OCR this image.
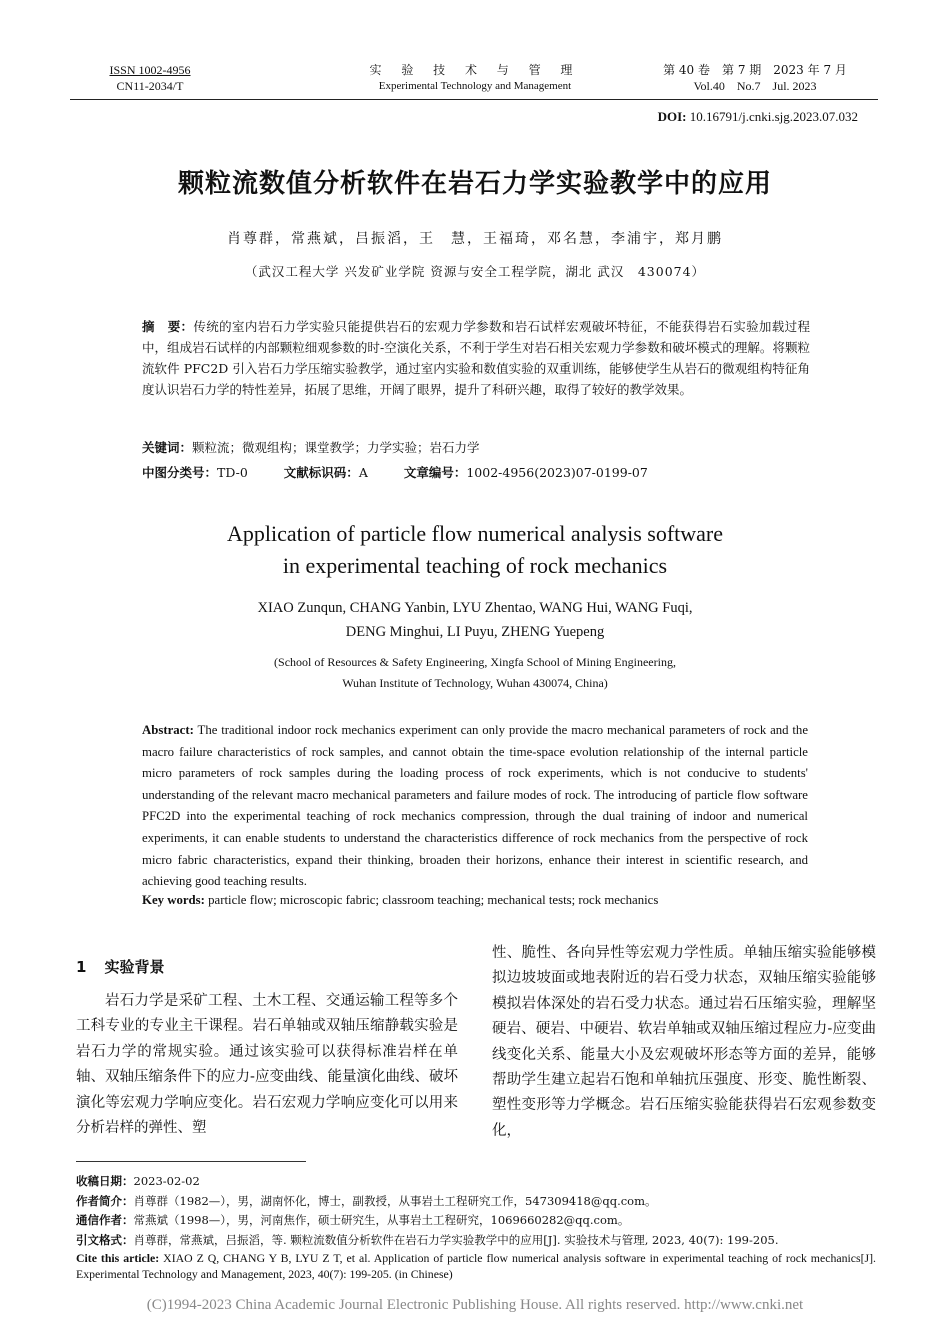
ISSN 1002-4956
CN11-2034/T
实 验 技 术 与 管 理
Experimental Technology and Management
第 40 卷　第 7 期　2023 年 7 月
Vol.40　No.7　Jul. 2023
DOI: 10.16791/j.cnki.sjg.2023.07.032
颗粒流数值分析软件在岩石力学实验教学中的应用
肖尊群，常燕斌，吕振滔，王　慧，王福琦，邓名慧，李浦宇，郑月鹏
（武汉工程大学 兴发矿业学院 资源与安全工程学院，湖北 武汉　430074）
摘　要：传统的室内岩石力学实验只能提供岩石的宏观力学参数和岩石试样宏观破坏特征，不能获得岩石实验加载过程中，组成岩石试样的内部颗粒细观参数的时-空演化关系，不利于学生对岩石相关宏观力学参数和破坏模式的理解。将颗粒流软件 PFC2D 引入岩石力学压缩实验教学，通过室内实验和数值实验的双重训练，能够使学生从岩石的微观组构特征角度认识岩石力学的特性差异，拓展了思维，开阔了眼界，提升了科研兴趣，取得了较好的教学效果。
关键词：颗粒流；微观组构；课堂教学；力学实验；岩石力学
中图分类号：TD-0	文献标识码：A	文章编号：1002-4956(2023)07-0199-07
Application of particle flow numerical analysis software
in experimental teaching of rock mechanics
XIAO Zunqun, CHANG Yanbin, LYU Zhentao, WANG Hui, WANG Fuqi,
DENG Minghui, LI Puyu, ZHENG Yuepeng
(School of Resources & Safety Engineering, Xingfa School of Mining Engineering,
Wuhan Institute of Technology, Wuhan 430074, China)
Abstract: The traditional indoor rock mechanics experiment can only provide the macro mechanical parameters of rock and the macro failure characteristics of rock samples, and cannot obtain the time-space evolution relationship of the internal particle micro parameters of rock samples during the loading process of rock experiments, which is not conducive to students' understanding of the relevant macro mechanical parameters and failure modes of rock. The introducing of particle flow software PFC2D into the experimental teaching of rock mechanics compression, through the dual training of indoor and numerical experiments, it can enable students to understand the characteristics difference of rock mechanics from the perspective of rock micro fabric characteristics, expand their thinking, broaden their horizons, enhance their interest in scientific research, and achieving good teaching results.
Key words: particle flow; microscopic fabric; classroom teaching; mechanical tests; rock mechanics
1 实验背景
岩石力学是采矿工程、土木工程、交通运输工程等多个工科专业的专业主干课程。岩石单轴或双轴压缩静载实验是岩石力学的常规实验。通过该实验可以获得标准岩样在单轴、双轴压缩条件下的应力-应变曲线、能量演化曲线、破坏演化等宏观力学响应变化。岩石宏观力学响应变化可以用来分析岩样的弹性、塑
性、脆性、各向异性等宏观力学性质。单轴压缩实验能够模拟边坡坡面或地表附近的岩石受力状态，双轴压缩实验能够模拟岩体深处的岩石受力状态。通过岩石压缩实验，理解坚硬岩、硬岩、中硬岩、软岩单轴或双轴压缩过程应力-应变曲线变化关系、能量大小及宏观破坏形态等方面的差异，能够帮助学生建立起岩石饱和单轴抗压强度、形变、脆性断裂、塑性变形等力学概念。岩石压缩实验能获得岩石宏观参数变化，
收稿日期：2023-02-02
作者简介：肖尊群（1982—），男，湖南怀化，博士，副教授，从事岩土工程研究工作，547309418@qq.com。
通信作者：常燕斌（1998—），男，河南焦作，硕士研究生，从事岩土工程研究，1069660282@qq.com。
引文格式：肖尊群，常燕斌，吕振滔，等. 颗粒流数值分析软件在岩石力学实验教学中的应用[J]. 实验技术与管理, 2023, 40(7): 199-205.
Cite this article: XIAO Z Q, CHANG Y B, LYU Z T, et al. Application of particle flow numerical analysis software in experimental teaching of rock mechanics[J]. Experimental Technology and Management, 2023, 40(7): 199-205. (in Chinese)
(C)1994-2023 China Academic Journal Electronic Publishing House. All rights reserved. http://www.cnki.net
